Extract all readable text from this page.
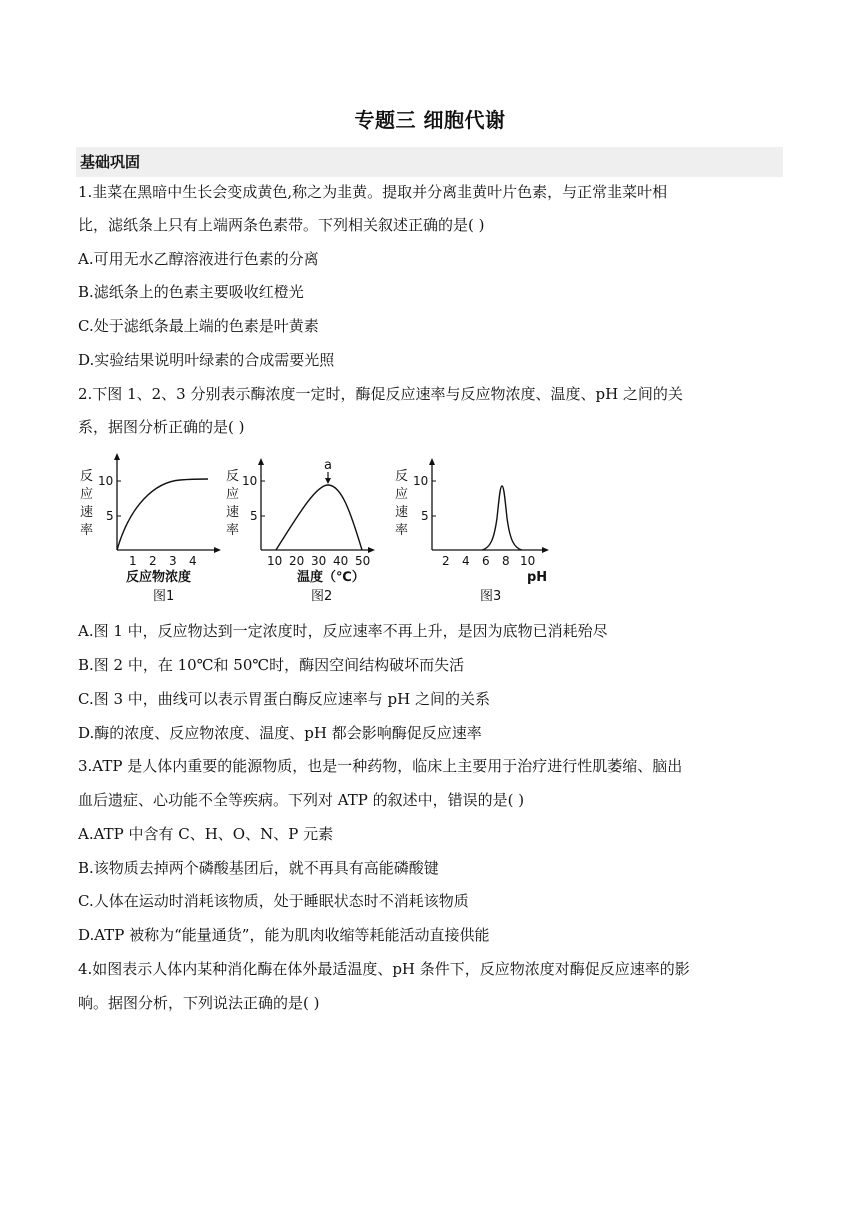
专题三 细胞代谢
基础巩固
1.韭菜在黑暗中生长会变成黄色,称之为韭黄。提取并分离韭黄叶片色素，与正常韭菜叶相
比，滤纸条上只有上端两条色素带。下列相关叙述正确的是( )
A.可用无水乙醇溶液进行色素的分离
B.滤纸条上的色素主要吸收红橙光
C.处于滤纸条最上端的色素是叶黄素
D.实验结果说明叶绿素的合成需要光照
2.下图 1、2、3 分别表示酶浓度一定时，酶促反应速率与反应物浓度、温度、pH 之间的关
系，据图分析正确的是( )
反
应
速
率
10
5
1 2 3 4
反应物浓度
图1
反
应
速
率
10
5
10 20 30 40 50
a
温度（℃）
图2
反
应
速
率
10
5
2 4 6 8 10
pH
图3
A.图 1 中，反应物达到一定浓度时，反应速率不再上升，是因为底物已消耗殆尽
B.图 2 中，在 10℃和 50℃时，酶因空间结构破坏而失活
C.图 3 中，曲线可以表示胃蛋白酶反应速率与 pH 之间的关系
D.酶的浓度、反应物浓度、温度、pH 都会影响酶促反应速率
3.ATP 是人体内重要的能源物质，也是一种药物，临床上主要用于治疗进行性肌萎缩、脑出
血后遗症、心功能不全等疾病。下列对 ATP 的叙述中，错误的是( )
A.ATP 中含有 C、H、O、N、P 元素
B.该物质去掉两个磷酸基团后，就不再具有高能磷酸键
C.人体在运动时消耗该物质，处于睡眠状态时不消耗该物质
D.ATP 被称为“能量通货”，能为肌肉收缩等耗能活动直接供能
4.如图表示人体内某种消化酶在体外最适温度、pH 条件下，反应物浓度对酶促反应速率的影
响。据图分析，下列说法正确的是( )
